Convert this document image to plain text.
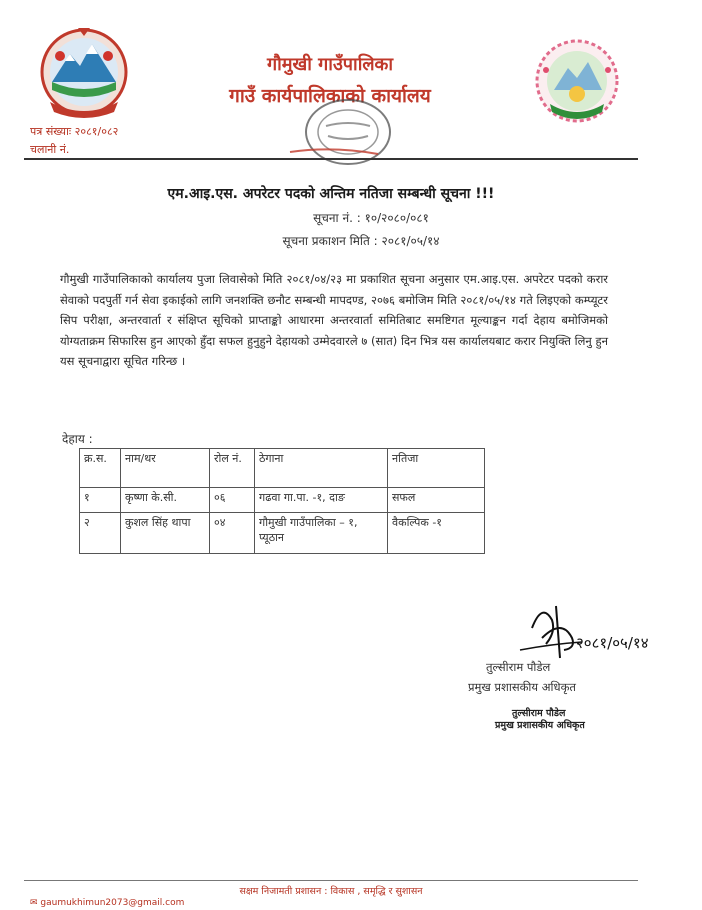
गौमुखी गाउँपालिका
गाउँ कार्यपालिकाको कार्यालय
पत्र संख्याः २०८१/०८२
चलानी नं.
एम.आइ.एस. अपरेटर पदको अन्तिम नतिजा सम्बन्धी सूचना !!!
सूचना नं. : १०/२०८०/०८१
सूचना प्रकाशन मिति : २०८१/०५/१४
गौमुखी गाउँपालिकाको कार्यालय पुजा लिवासेको मिति २०८१/०४/२३ मा प्रकाशित सूचना अनुसार एम.आइ.एस. अपरेटर पदको करार सेवाको पदपुर्ती गर्न सेवा इकाईको लागि जनशक्ति छनौट सम्बन्धी मापदण्ड, २०७६ बमोजिम मिति २०८१/०५/१४ गते लिइएको कम्प्यूटर सिप परीक्षा, अन्तरवार्ता र संक्षिप्त सूचिको प्राप्ताङ्को आधारमा अन्तरवार्ता समितिबाट समष्टिगत मूल्याङ्कन गर्दा देहाय बमोजिमको योग्यताक्रम सिफारिस हुन आएको हुँदा सफल हुनुहुने देहायको उम्मेदवारले ७ (सात) दिन भित्र यस कार्यालयबाट करार नियुक्ति लिनु हुन यस सूचनाद्वारा सूचित गरिन्छ ।
देहाय :
क्र.स.	नाम/थर	रोल नं.	ठेगाना	नतिजा
१	कृष्णा के.सी.	०६	गढवा गा.पा. -१, दाङ	सफल
२	कुशल सिंह थापा	०४	गौमुखी गाउँपालिका – १, प्यूठान	वैकल्पिक -१
२०८१/०५/१४
तुल्सीराम पौडेल
प्रमुख प्रशासकीय अधिकृत
तुल्सीराम पौडेल
प्रमुख प्रशासकीय अधिकृत
सक्षम निजामती प्रशासन : विकास , समृद्धि र सुशासन
✉ gaumukhimun2073@gmail.com
